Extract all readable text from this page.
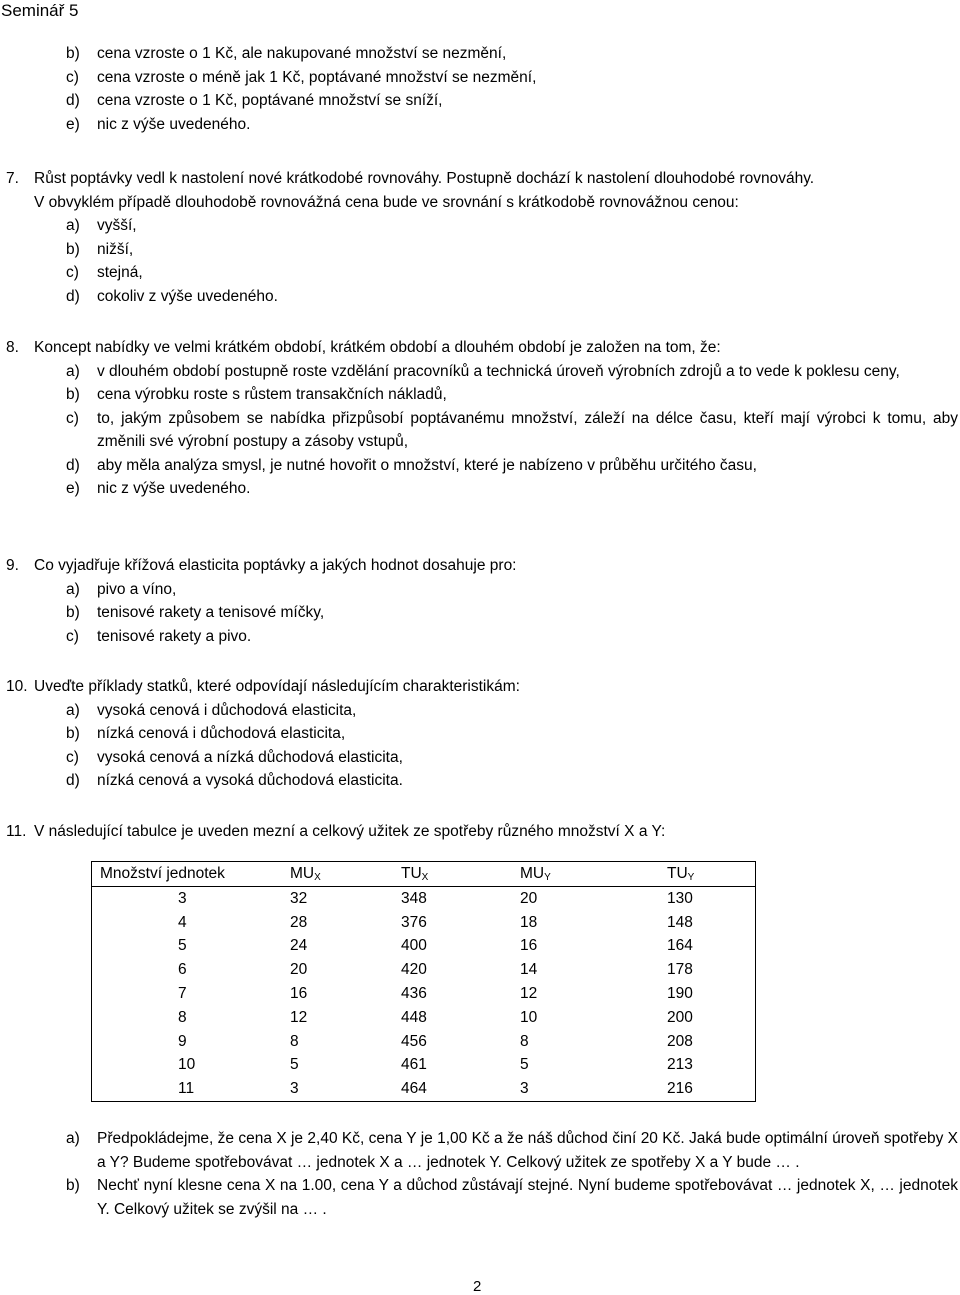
Seminář 5
b)	cena vzroste o 1 Kč, ale nakupované množství se nezmění,
c)	cena vzroste o méně jak 1 Kč, poptávané množství se nezmění,
d)	cena vzroste o 1 Kč, poptávané množství se sníží,
e)	nic z výše uvedeného.
7. Růst poptávky vedl k nastolení nové krátkodobé rovnováhy. Postupně dochází k nastolení dlouhodobé rovnováhy.
V obvyklém případě dlouhodobě rovnovážná cena bude ve srovnání s krátkodobě rovnovážnou cenou:
a)	vyšší,
b)	nižší,
c)	stejná,
d)	cokoliv z výše uvedeného.
8. Koncept nabídky ve velmi krátkém období, krátkém období a dlouhém období je založen na tom, že:
a)	v dlouhém období postupně roste vzdělání pracovníků a technická úroveň výrobních zdrojů a to vede k poklesu ceny,
b)	cena výrobku roste s růstem transakčních nákladů,
c)	to, jakým způsobem se nabídka přizpůsobí poptávanému množství, záleží na délce času, kteří mají výrobci k tomu, aby změnili své výrobní postupy a zásoby vstupů,
d)	aby měla analýza smysl, je nutné hovořit o množství, které je nabízeno v průběhu určitého času,
e)	nic z výše uvedeného.
9. Co vyjadřuje křížová elasticita poptávky a jakých hodnot dosahuje pro:
a)	pivo a víno,
b)	tenisové rakety a tenisové míčky,
c)	tenisové rakety a pivo.
10. Uveďte příklady statků, které odpovídají následujícím charakteristikám:
a)	vysoká cenová i důchodová elasticita,
b)	nízká cenová i důchodová elasticita,
c)	vysoká cenová a nízká důchodová elasticita,
d)	nízká cenová a vysoká důchodová elasticita.
11. V následující tabulce je uveden mezní a celkový užitek ze spotřeby různého množství X a Y:
Množství jednotek	$MU_X$	$TU_X$	$MU_Y$	$TU_Y$
3	32	348	20	130
4	28	376	18	148
5	24	400	16	164
6	20	420	14	178
7	16	436	12	190
8	12	448	10	200
9	8	456	8	208
10	5	461	5	213
11	3	464	3	216
a)	Předpokládejme, že cena X je 2,40 Kč, cena Y je 1,00 Kč a že náš důchod činí 20 Kč. Jaká bude optimální úroveň spotřeby X a Y? Budeme spotřebovávat … jednotek X a … jednotek Y. Celkový užitek ze spotřeby X a Y bude … .
b)	Nechť nyní klesne cena X na 1.00, cena Y a důchod zůstávají stejné. Nyní budeme spotřebovávat … jednotek X, … jednotek Y. Celkový užitek se zvýšil na … .
2
